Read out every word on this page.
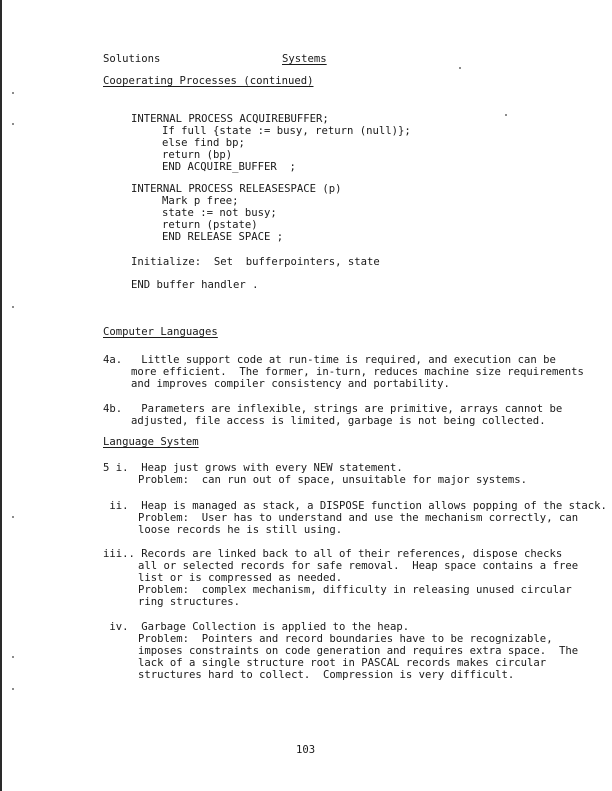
Solutions	Systems
Cooperating Processes (continued)
INTERNAL PROCESS ACQUIREBUFFER;
If full {state := busy, return (null)};
else find bp;
return (bp)
END ACQUIRE_BUFFER  ;
INTERNAL PROCESS RELEASESPACE (p)
Mark p free;
state := not busy;
return (pstate)
END RELEASE SPACE ;
Initialize:  Set  bufferpointers, state
END buffer handler .
Computer Languages
4a.   Little support code at run-time is required, and execution can be
more efficient.  The former, in-turn, reduces machine size requirements
and improves compiler consistency and portability.
4b.   Parameters are inflexible, strings are primitive, arrays cannot be
adjusted, file access is limited, garbage is not being collected.
Language System
5 i.  Heap just grows with every NEW statement.
Problem:  can run out of space, unsuitable for major systems.
ii.  Heap is managed as stack, a DISPOSE function allows popping of the stack.
Problem:  User has to understand and use the mechanism correctly, can
loose records he is still using.
iii.. Records are linked back to all of their references, dispose checks
all or selected records for safe removal.  Heap space contains a free
list or is compressed as needed.
Problem:  complex mechanism, difficulty in releasing unused circular
ring structures.
iv.  Garbage Collection is applied to the heap.
Problem:  Pointers and record boundaries have to be recognizable,
imposes constraints on code generation and requires extra space.  The
lack of a single structure root in PASCAL records makes circular
structures hard to collect.  Compression is very difficult.
103
